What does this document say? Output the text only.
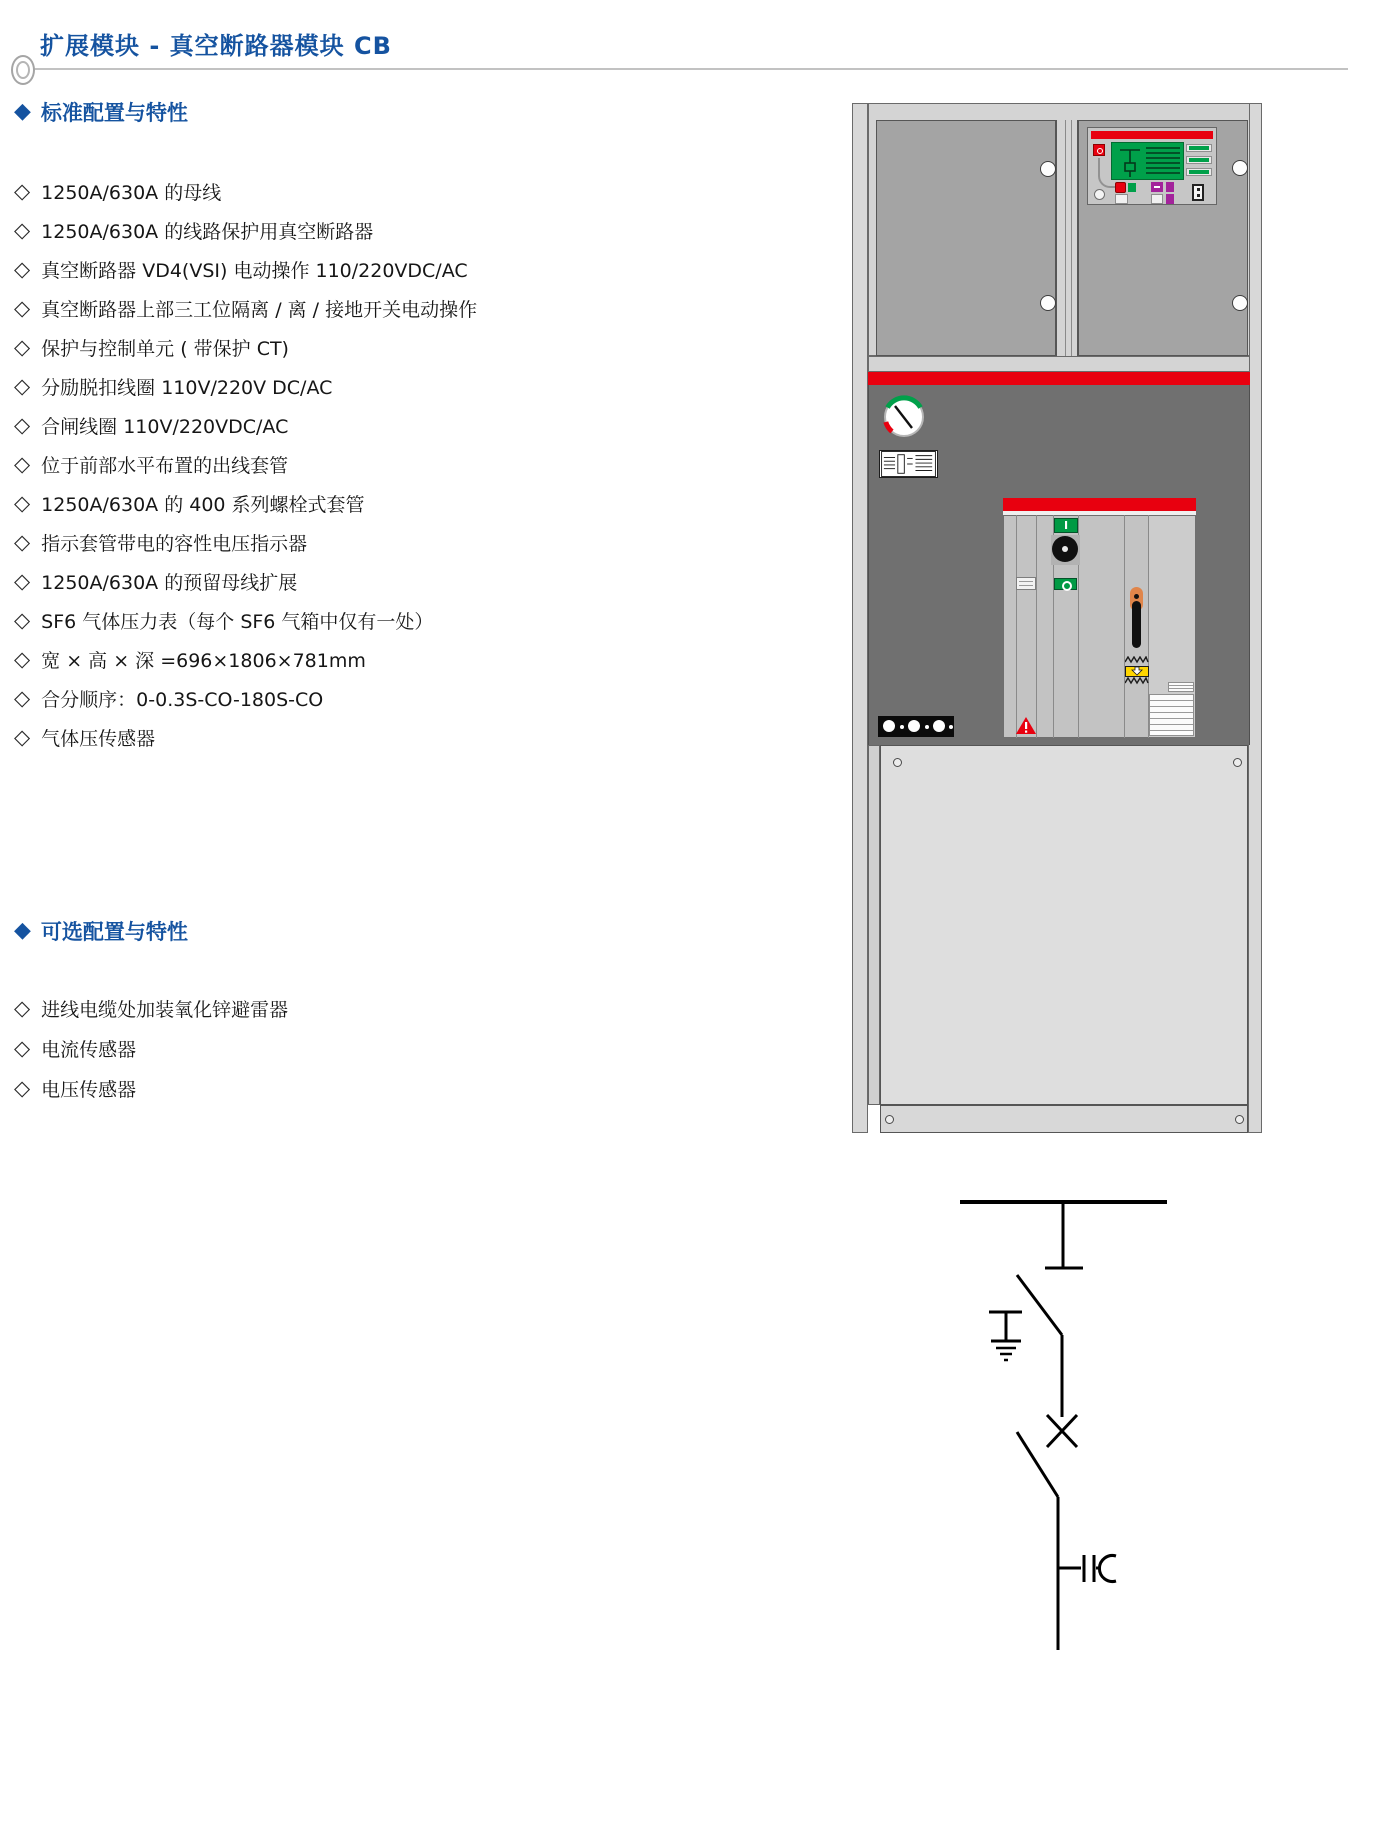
扩展模块 - 真空断路器模块 CB
◆ 标准配置与特性
◇ 1250A/630A 的母线
◇ 1250A/630A 的线路保护用真空断路器
◇ 真空断路器 VD4(VSI) 电动操作 110/220VDC/AC
◇ 真空断路器上部三工位隔离 / 离 / 接地开关电动操作
◇ 保护与控制单元 ( 带保护 CT)
◇ 分励脱扣线圈 110V/220V DC/AC
◇ 合闸线圈 110V/220VDC/AC
◇ 位于前部水平布置的出线套管
◇ 1250A/630A 的 400 系列螺栓式套管
◇ 指示套管带电的容性电压指示器
◇ 1250A/630A 的预留母线扩展
◇ SF6 气体压力表（每个 SF6 气箱中仅有一处）
◇ 宽 × 高 × 深 =696×1806×781mm
◇ 合分顺序：0-0.3S-CO-180S-CO
◇ 气体压传感器
◆ 可选配置与特性
◇ 进线电缆处加装氧化锌避雷器
◇ 电流传感器
◇ 电压传感器
I
